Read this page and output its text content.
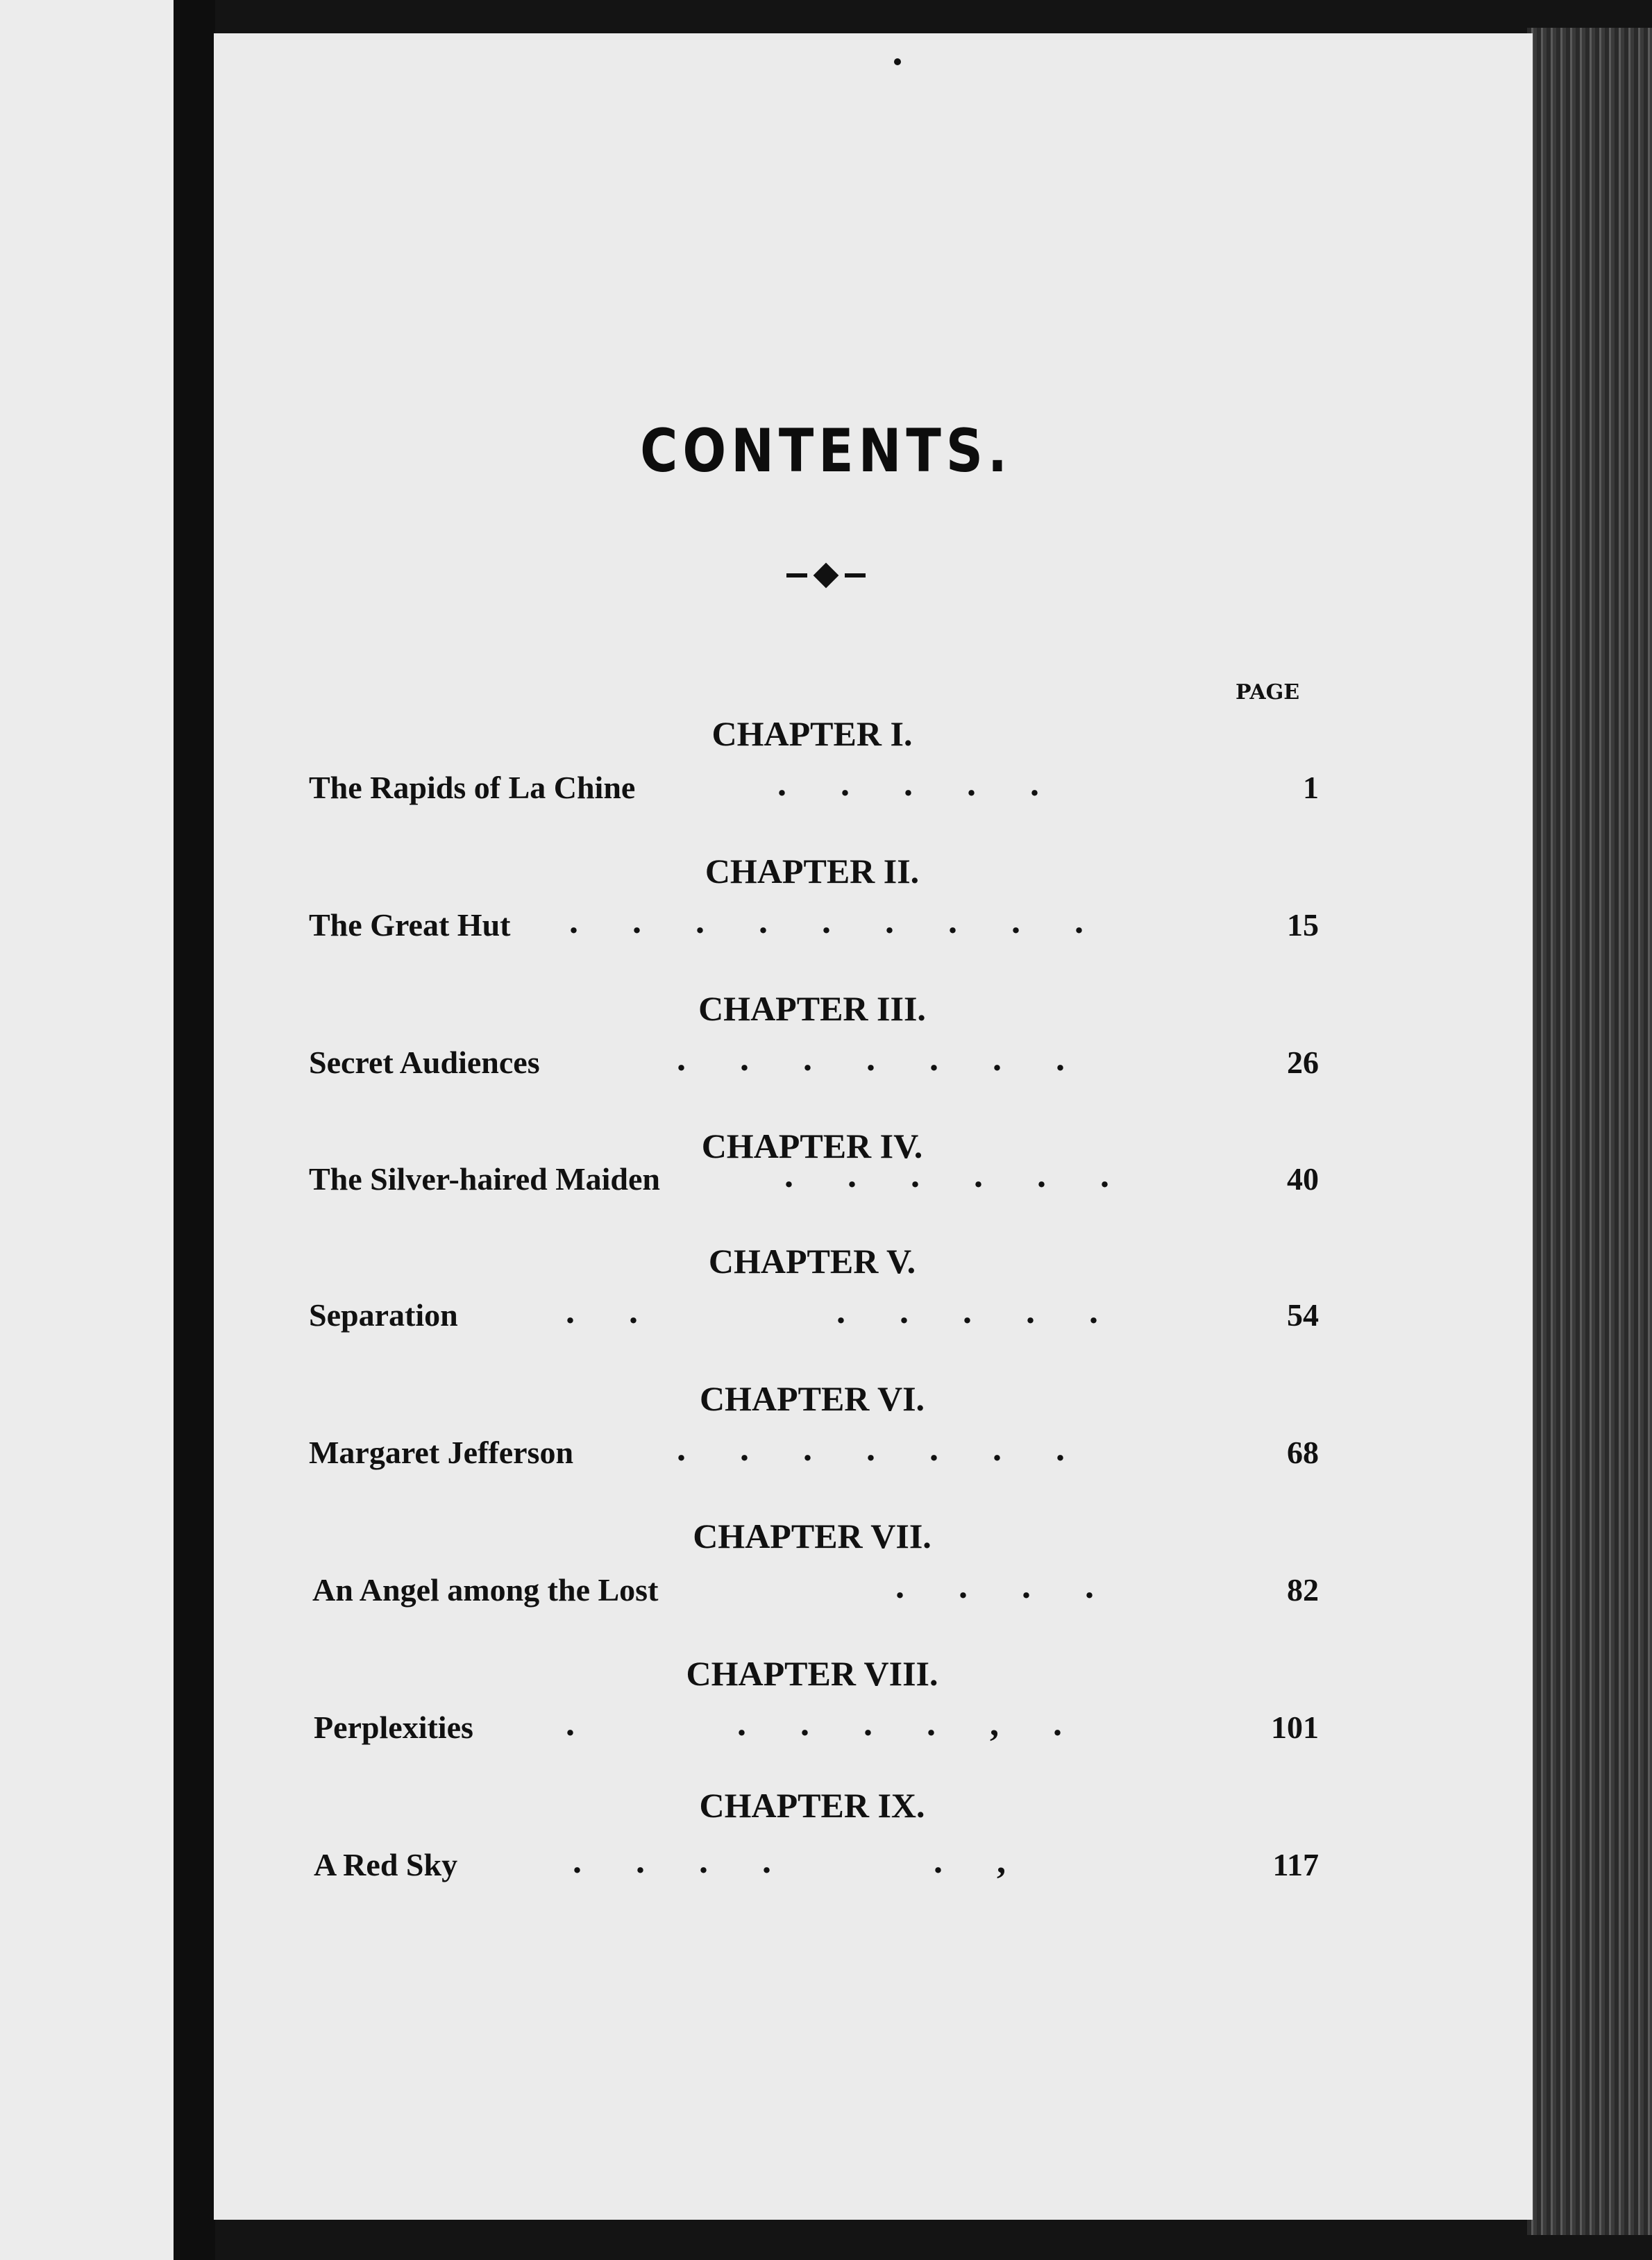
CONTENTS.
PAGE
CHAPTER I.
The Rapids of La Chine	.      .      .      .      .	1
CHAPTER II.
The Great Hut .      .      .      .      .      .      .      .      .	15
CHAPTER III.
Secret Audiences	.      .      .      .      .      .      .	26
CHAPTER IV.
The Silver-haired Maiden	.      .      .      .      .      .	40
CHAPTER V.
Separation	.      .                      .      .      .      .      .	54
CHAPTER VI.
Margaret Jefferson	.      .      .      .      .      .      .	68
CHAPTER VII.
An Angel among the Lost	.      .      .      .	82
CHAPTER VIII.
Perplexities	.                  .      .      .      .      ,      .	101
CHAPTER IX.
A Red Sky	.      .      .      .                  .      ,	117
